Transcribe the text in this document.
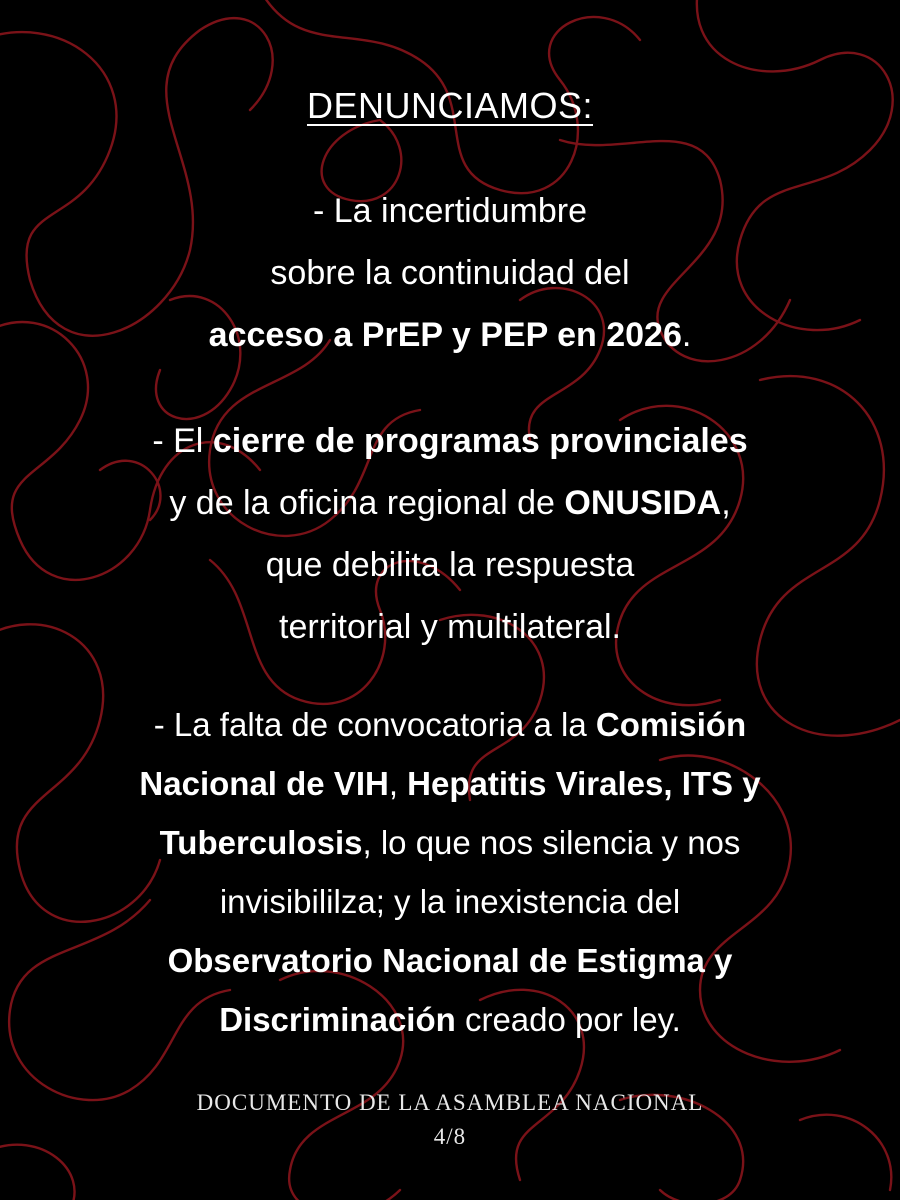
DENUNCIAMOS:
- La incertidumbre
sobre la continuidad del
acceso a PrEP y PEP en 2026.
- El cierre de programas provinciales
y de la oficina regional de ONUSIDA,
que debilita la respuesta
territorial y multilateral.
- La falta de convocatoria a la Comisión
Nacional de VIH, Hepatitis Virales, ITS y
Tuberculosis, lo que nos silencia y nos
invisibililza; y la inexistencia del
Observatorio Nacional de Estigma y
Discriminación creado por ley.
DOCUMENTO DE LA ASAMBLEA NACIONAL
4/8
